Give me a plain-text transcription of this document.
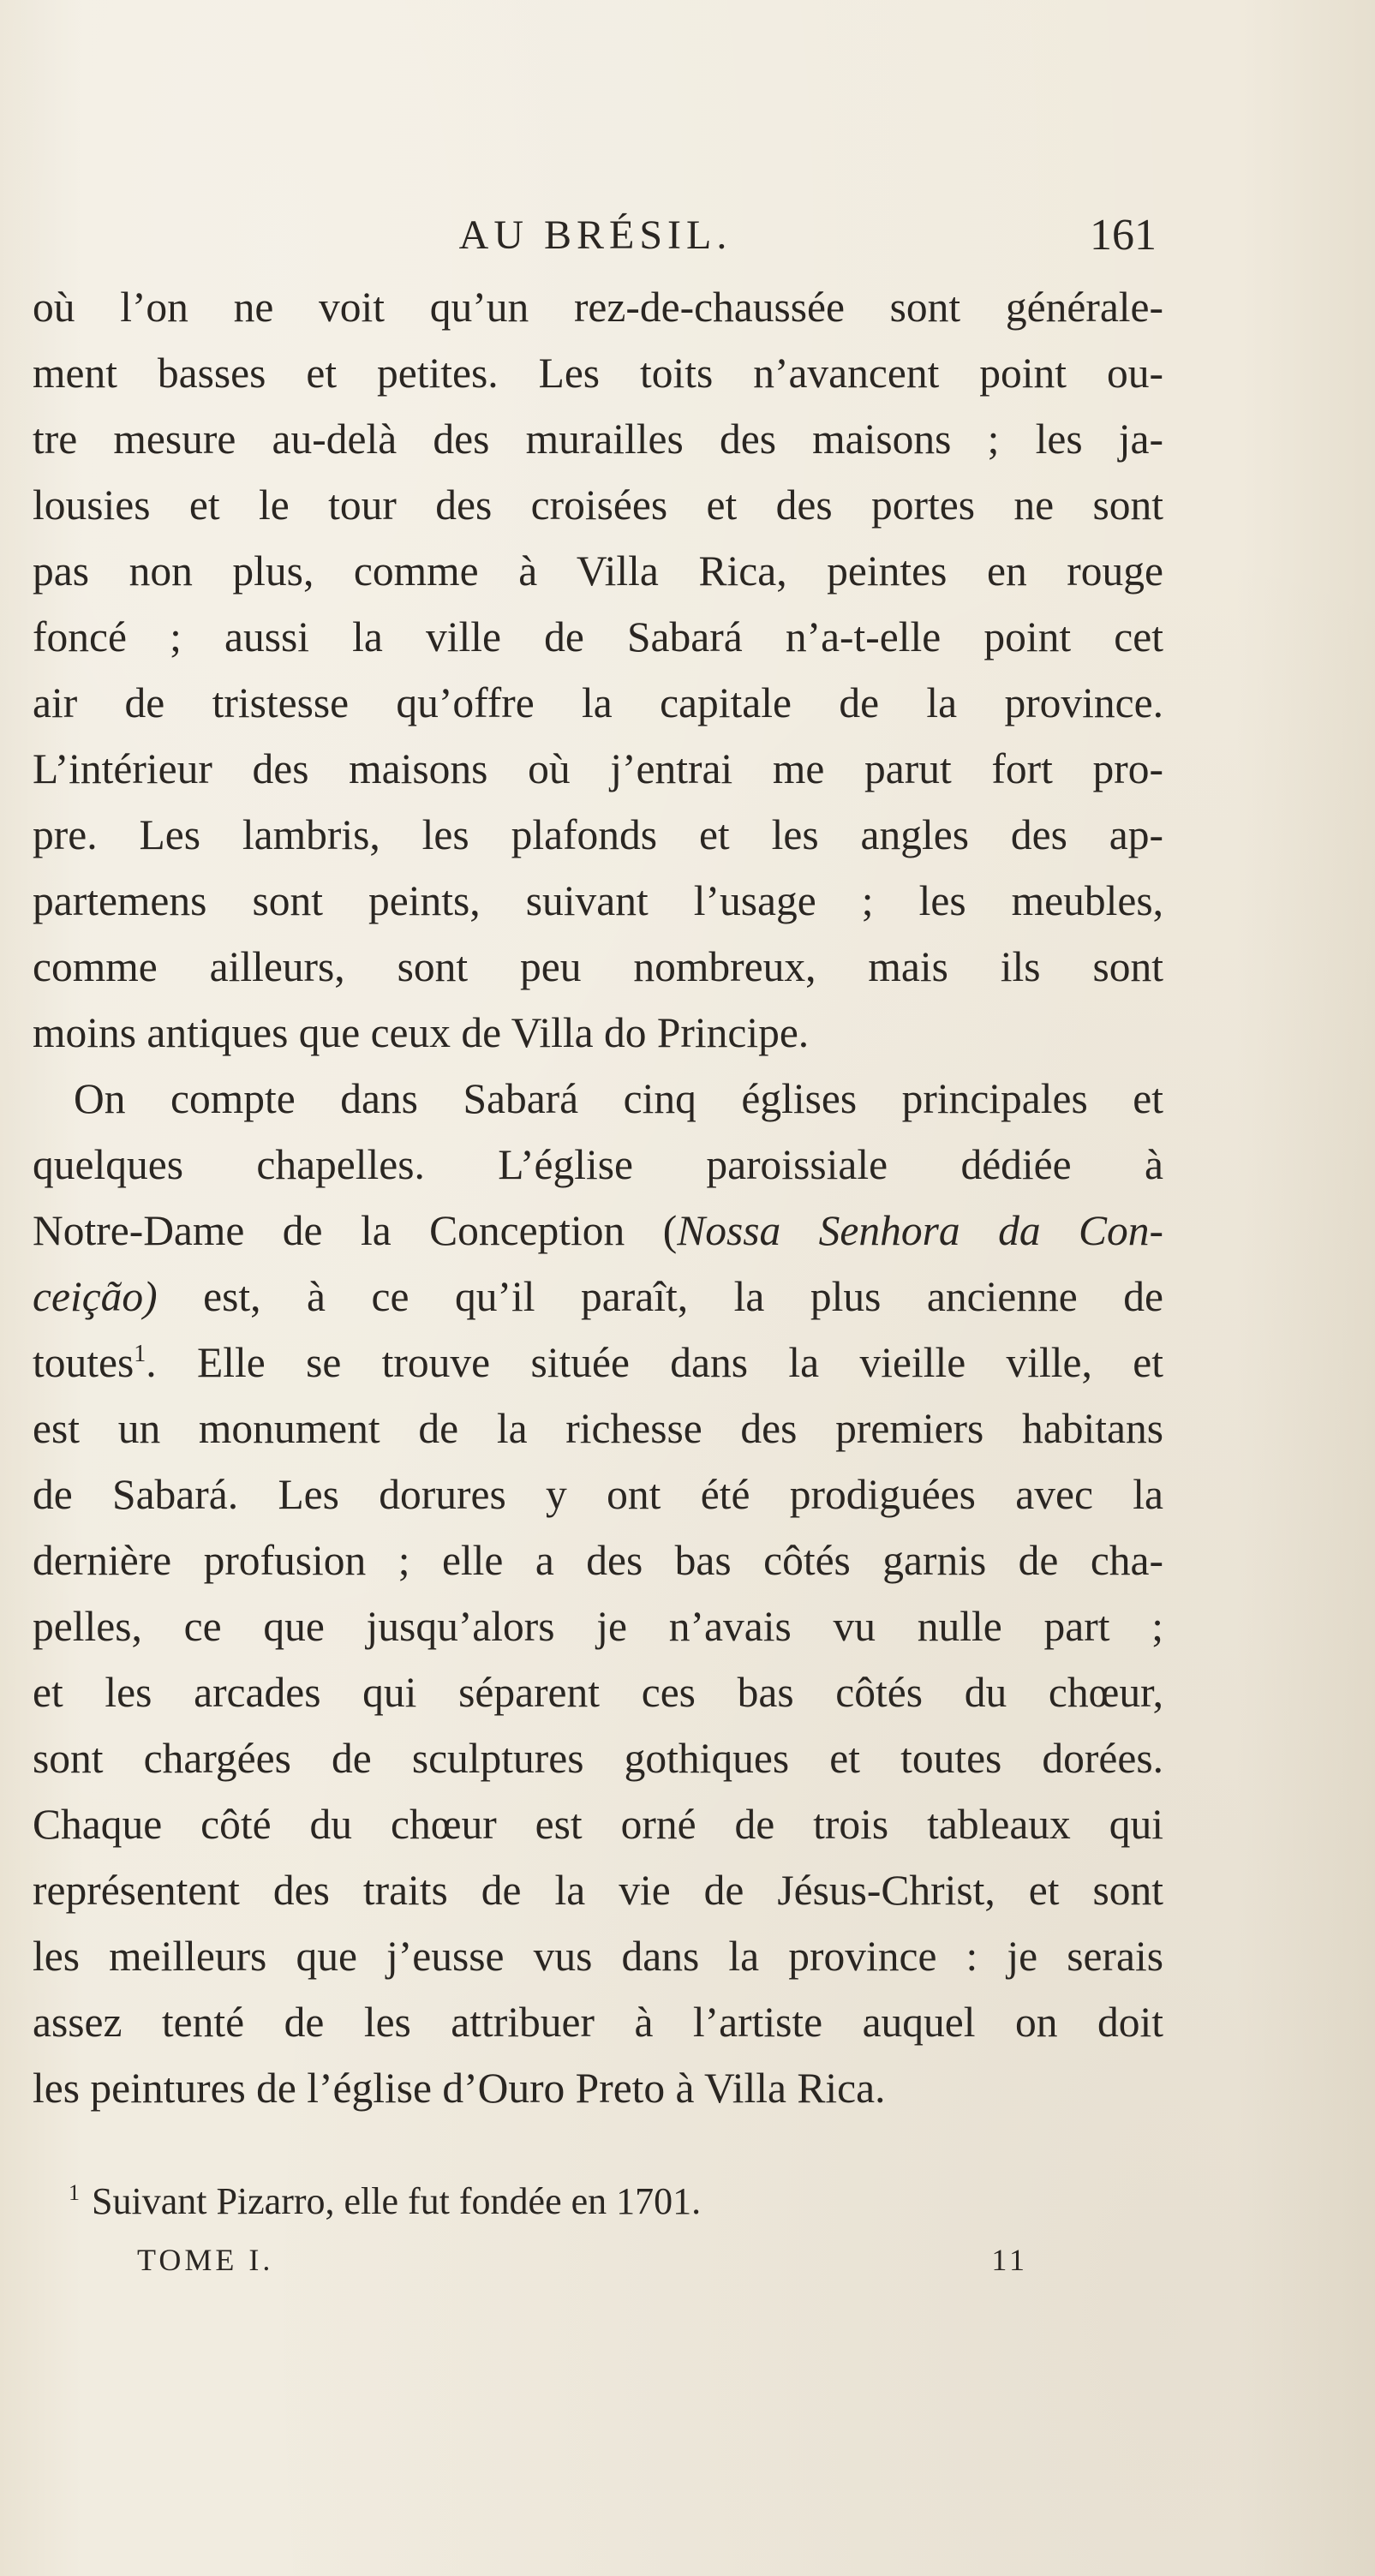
AU BRÉSIL.	161
où l’on ne voit qu’un rez-de-chaussée sont générale-
ment basses et petites. Les toits n’avancent point ou-
tre mesure au-delà des murailles des maisons ; les ja-
lousies et le tour des croisées et des portes ne sont
pas non plus, comme à Villa Rica, peintes en rouge
foncé ; aussi la ville de Sabará n’a-t-elle point cet
air de tristesse qu’offre la capitale de la province.
L’intérieur des maisons où j’entrai me parut fort pro-
pre. Les lambris, les plafonds et les angles des ap-
partemens sont peints, suivant l’usage ; les meubles,
comme ailleurs, sont peu nombreux, mais ils sont
moins antiques que ceux de Villa do Principe.
On compte dans Sabará cinq églises principales et
quelques chapelles. L’église paroissiale dédiée à
Notre-Dame de la Conception (Nossa Senhora da Con-
ceição) est, à ce qu’il paraît, la plus ancienne de
toutes$^1$. Elle se trouve située dans la vieille ville, et
est un monument de la richesse des premiers habitans
de Sabará. Les dorures y ont été prodiguées avec la
dernière profusion ; elle a des bas côtés garnis de cha-
pelles, ce que jusqu’alors je n’avais vu nulle part ;
et les arcades qui séparent ces bas côtés du chœur,
sont chargées de sculptures gothiques et toutes dorées.
Chaque côté du chœur est orné de trois tableaux qui
représentent des traits de la vie de Jésus-Christ, et sont
les meilleurs que j’eusse vus dans la province : je serais
assez tenté de les attribuer à l’artiste auquel on doit
les peintures de l’église d’Ouro Preto à Villa Rica.
$^1$ Suivant Pizarro, elle fut fondée en 1701.
TOME I.	11
